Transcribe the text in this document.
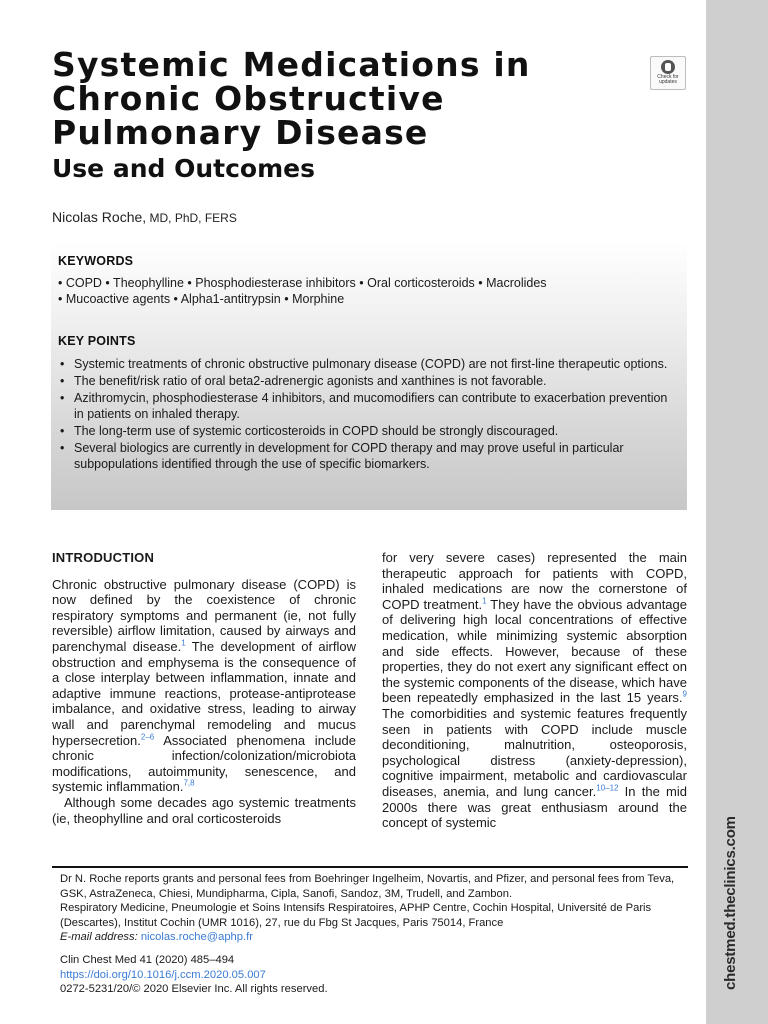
chestmed.theclinics.com
Systemic Medications in
Chronic Obstructive
Pulmonary Disease
Use and Outcomes
Check for
updates
Nicolas Roche, MD, PhD, FERS
KEYWORDS
• COPD • Theophylline • Phosphodiesterase inhibitors • Oral corticosteroids • Macrolides
• Mucoactive agents • Alpha1-antitrypsin • Morphine
KEY POINTS
• Systemic treatments of chronic obstructive pulmonary disease (COPD) are not first-line therapeutic options.
• The benefit/risk ratio of oral beta2-adrenergic agonists and xanthines is not favorable.
• Azithromycin, phosphodiesterase 4 inhibitors, and mucomodifiers can contribute to exacerbation prevention in patients on inhaled therapy.
• The long-term use of systemic corticosteroids in COPD should be strongly discouraged.
• Several biologics are currently in development for COPD therapy and may prove useful in particular subpopulations identified through the use of specific biomarkers.
INTRODUCTION

Chronic obstructive pulmonary disease (COPD) is now defined by the coexistence of chronic respiratory symptoms and permanent (ie, not fully reversible) airflow limitation, caused by airways and parenchymal disease.$^1$ The development of airflow obstruction and emphysema is the consequence of a close interplay between inflammation, innate and adaptive immune reactions, protease-antiprotease imbalance, and oxidative stress, leading to airway wall and parenchymal remodeling and mucus hypersecretion.$^{2-6}$ Associated phenomena include chronic infection/colonization/microbiota modifications, autoimmunity, senescence, and systemic inflammation.$^{7,8}$

Although some decades ago systemic treatments (ie, theophylline and oral corticosteroids

for very severe cases) represented the main therapeutic approach for patients with COPD, inhaled medications are now the cornerstone of COPD treatment.$^1$ They have the obvious advantage of delivering high local concentrations of effective medication, while minimizing systemic absorption and side effects. However, because of these properties, they do not exert any significant effect on the systemic components of the disease, which have been repeatedly emphasized in the last 15 years.$^9$ The comorbidities and systemic features frequently seen in patients with COPD include muscle deconditioning, malnutrition, osteoporosis, psychological distress (anxiety-depression), cognitive impairment, metabolic and cardiovascular diseases, anemia, and lung cancer.$^{10-12}$ In the mid 2000s there was great enthusiasm around the concept of systemic

Dr N. Roche reports grants and personal fees from Boehringer Ingelheim, Novartis, and Pfizer, and personal fees from Teva, GSK, AstraZeneca, Chiesi, Mundipharma, Cipla, Sanofi, Sandoz, 3M, Trudell, and Zambon.
Respiratory Medicine, Pneumologie et Soins Intensifs Respiratoires, APHP Centre, Cochin Hospital, Université de Paris (Descartes), Institut Cochin (UMR 1016), 27, rue du Fbg St Jacques, Paris 75014, France
E-mail address: nicolas.roche@aphp.fr
Clin Chest Med 41 (2020) 485–494
https://doi.org/10.1016/j.ccm.2020.05.007
0272-5231/20/© 2020 Elsevier Inc. All rights reserved.
